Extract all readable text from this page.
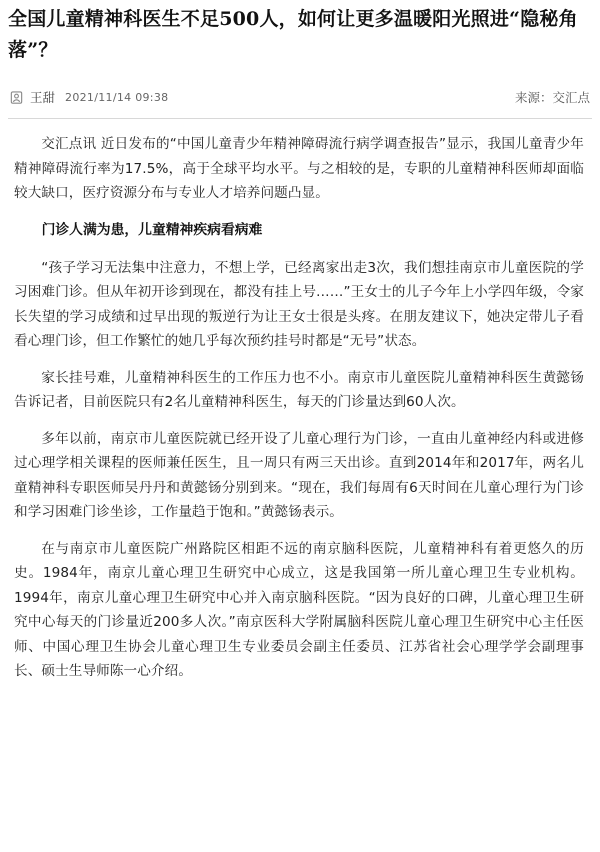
全国儿童精神科医生不足500人，如何让更多温暖阳光照进“隐秘角落”？
王甜 2021/11/14 09:38	来源：交汇点

交汇点讯 近日发布的“中国儿童青少年精神障碍流行病学调查报告”显示，我国儿童青少年精神障碍流行率为17.5%，高于全球平均水平。与之相较的是，专职的儿童精神科医师却面临较大缺口，医疗资源分布与专业人才培养问题凸显。

门诊人满为患，儿童精神疾病看病难

“孩子学习无法集中注意力，不想上学，已经离家出走3次，我们想挂南京市儿童医院的学习困难门诊。但从年初开诊到现在，都没有挂上号……”王女士的儿子今年上小学四年级，令家长失望的学习成绩和过早出现的叛逆行为让王女士很是头疼。在朋友建议下，她决定带儿子看看心理门诊，但工作繁忙的她几乎每次预约挂号时都是“无号”状态。

家长挂号难，儿童精神科医生的工作压力也不小。南京市儿童医院儿童精神科医生黄懿钖告诉记者，目前医院只有2名儿童精神科医生，每天的门诊量达到60人次。

多年以前，南京市儿童医院就已经开设了儿童心理行为门诊，一直由儿童神经内科或进修过心理学相关课程的医师兼任医生，且一周只有两三天出诊。直到2014年和2017年，两名儿童精神科专职医师吴丹丹和黄懿钖分别到来。“现在，我们每周有6天时间在儿童心理行为门诊和学习困难门诊坐诊，工作量趋于饱和。”黄懿钖表示。

在与南京市儿童医院广州路院区相距不远的南京脑科医院，儿童精神科有着更悠久的历史。1984年，南京儿童心理卫生研究中心成立，这是我国第一所儿童心理卫生专业机构。1994年，南京儿童心理卫生研究中心并入南京脑科医院。“因为良好的口碑，儿童心理卫生研究中心每天的门诊量近200多人次。”南京医科大学附属脑科医院儿童心理卫生研究中心主任医师、中国心理卫生协会儿童心理卫生专业委员会副主任委员、江苏省社会心理学学会副理事长、硕士生导师陈一心介绍。
